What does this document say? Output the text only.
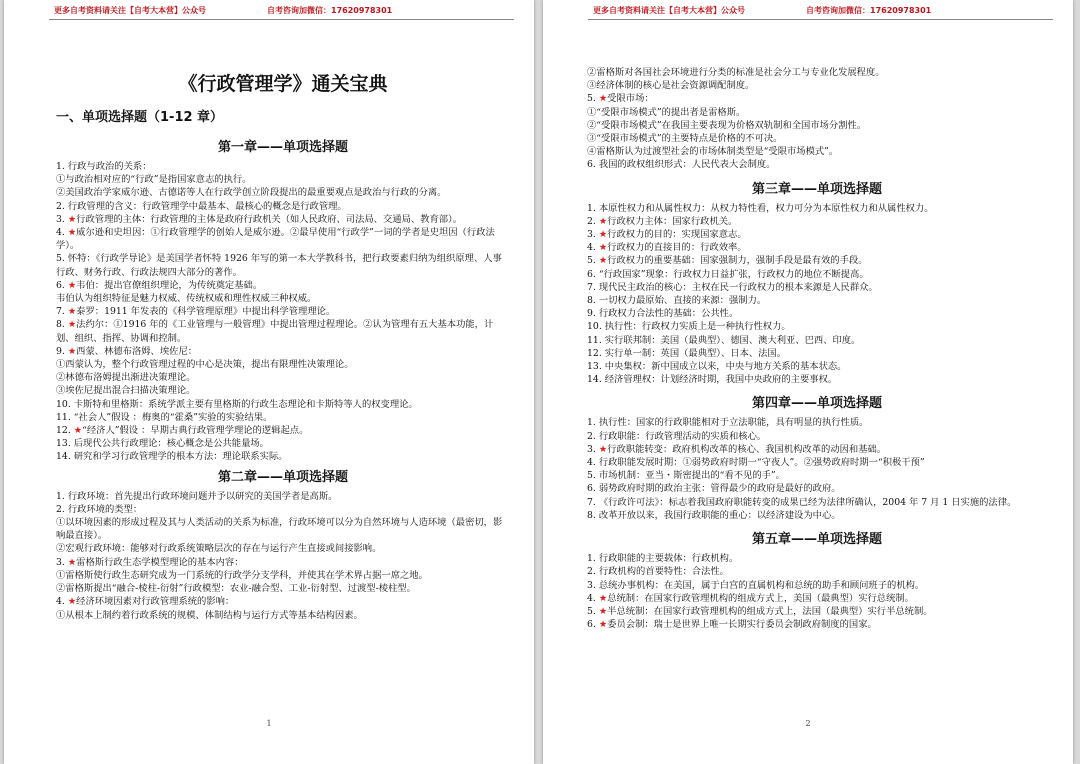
更多自考资料请关注【自考大本营】公众号	自考咨询加微信：17620978301
《行政管理学》通关宝典
一、单项选择题（1-12 章）
第一章——单项选择题
1. 行政与政治的关系：
①与政治相对应的“行政”是指国家意志的执行。
②美国政治学家威尔逊、古德诺等人在行政学创立阶段提出的最重要观点是政治与行政的分离。
2. 行政管理的含义：行政管理学中最基本、最核心的概念是行政管理。
3. ★行政管理的主体：行政管理的主体是政府行政机关（如人民政府、司法局、交通局、教育部）。
4. ★威尔逊和史坦因：①行政管理学的创始人是威尔逊。②最早使用“行政学”一词的学者是史坦因（行政法学）。
5. 怀特：《行政学导论》是美国学者怀特 1926 年写的第一本大学教科书，把行政要素归纳为组织原理、人事行政、财务行政、行政法规四大部分的著作。
6. ★韦伯：提出官僚组织理论，为传统奠定基础。
韦伯认为组织特征是魅力权威、传统权威和理性权威三种权威。
7. ★泰罗：1911 年发表的《科学管理原理》中提出科学管理理论。
8. ★法约尔：①1916 年的《工业管理与一般管理》中提出管理过程理论。②认为管理有五大基本功能，计划、组织、指挥、协调和控制。
9. ★西蒙、林德布洛姆、埃佐尼：
①西蒙认为，整个行政管理过程的中心是决策，提出有限理性决策理论。
②林德布洛姆提出渐进决策理论。
③埃佐尼提出混合扫描决策理论。
10. 卡斯特和里格斯：系统学派主要有里格斯的行政生态理论和卡斯特等人的权变理论。
11. “社会人”假设 ：梅奥的“霍桑”实验的实验结果。
12. ★“经济人”假设 ：早期古典行政管理学理论的逻辑起点。
13. 后现代公共行政理论：核心概念是公共能量场。
14. 研究和学习行政管理学的根本方法：理论联系实际。
第二章——单项选择题
1. 行政环境：首先提出行政环境问题并予以研究的美国学者是高斯。
2. 行政环境的类型：
①以环境因素的形成过程及其与人类活动的关系为标准，行政环境可以分为自然环境与人造环境（最密切，影响最直接）。
②宏观行政环境：能够对行政系统策略层次的存在与运行产生直接或间接影响。
3. ★雷格斯行政生态学模型理论的基本内容：
①雷格斯使行政生态研究成为一门系统的行政学分支学科，并使其在学术界占据一席之地。
②雷格斯提出“融合-棱柱-衍射”行政模型：农业-融合型、工业-衍射型、过渡型-棱柱型。
4. ★经济环境因素对行政管理系统的影响：
①从根本上制约着行政系统的规模、体制结构与运行方式等基本结构因素。
1
更多自考资料请关注【自考大本营】公众号	自考咨询加微信：17620978301
②雷格斯对各国社会环境进行分类的标准是社会分工与专业化发展程度。
③经济体制的核心是社会资源调配制度。
5. ★受限市场：
①“受限市场模式”的提出者是雷格斯。
②“受限市场模式”在我国主要表现为价格双轨制和全国市场分割性。
③“受限市场模式”的主要特点是价格的不可决。
④雷格斯认为过渡型社会的市场体制类型是“受限市场模式”。
6. 我国的政权组织形式：人民代表大会制度。
第三章——单项选择题
1. 本原性权力和从属性权力：从权力特性看，权力可分为本原性权力和从属性权力。
2. ★行政权力主体：国家行政机关。
3. ★行政权力的目的：实现国家意志。
4. ★行政权力的直接目的：行政效率。
5. ★行政权力的重要基础：国家强制力，强制手段是最有效的手段。
6. “行政国家”现象：行政权力日益扩张，行政权力的地位不断提高。
7. 现代民主政治的核心：主权在民一行政权力的根本来源是人民群众。
8. 一切权力最原始、直接的来源：强制力。
9. 行政权力合法性的基础：公共性。
10. 执行性：行政权力实质上是一种执行性权力。
11. 实行联邦制：美国（最典型）、德国、澳大利亚、巴西、印度。
12. 实行单一制：英国（最典型）、日本、法国。
13. 中央集权：新中国成立以来，中央与地方关系的基本状态。
14. 经济管理权：计划经济时期，我国中央政府的主要事权。
第四章——单项选择题
1. 执行性：国家的行政职能相对于立法职能，具有明显的执行性质。
2. 行政职能：行政管理活动的实质和核心。
3. ★行政职能转变：政府机构改革的核心、我国机构改革的动因和基础。
4. 行政职能发展时期：①弱势政府时期一“守夜人”。②强势政府时期一“积极干预”
5. 市场机制：亚当・斯密提出的“看不见的手”。
6. 弱势政府时期的政治主张：管得最少的政府是最好的政府。
7. 《行政许可法》：标志着我国政府职能转变的成果已经为法律所确认，2004 年 7 月 1 日实施的法律。
8. 改革开放以来，我国行政职能的重心：以经济建设为中心。
第五章——单项选择题
1. 行政职能的主要载体：行政机构。
2. 行政机构的首要特性：合法性。
3. 总统办事机构：在美国，属于白宫的直属机构和总统的助手和顾问班子的机构。
4. ★总统制：在国家行政管理机构的组成方式上，美国（最典型）实行总统制。
5. ★半总统制：在国家行政管理机构的组成方式上，法国（最典型）实行半总统制。
6. ★委员会制：瑞士是世界上唯一长期实行委员会制政府制度的国家。
2
